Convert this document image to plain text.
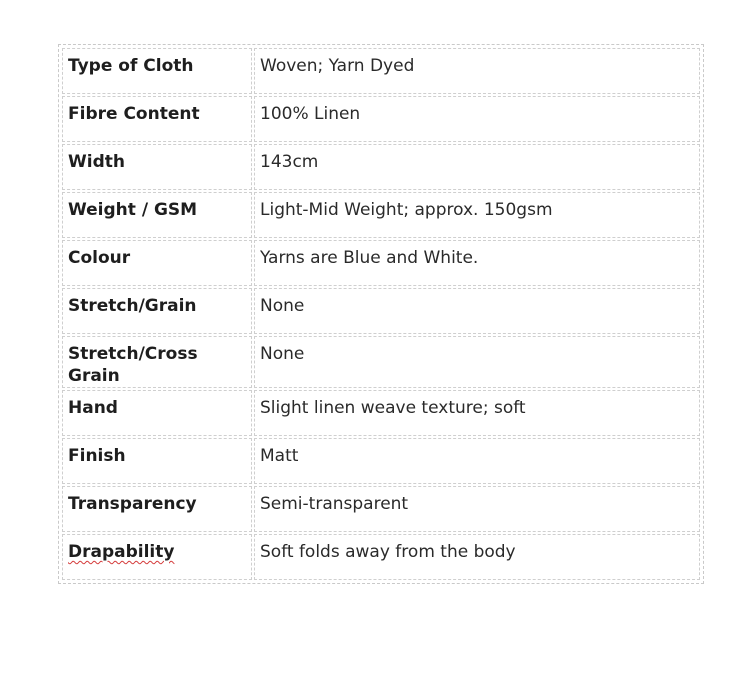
Type of Cloth	Woven; Yarn Dyed
Fibre Content	100% Linen
Width	143cm
Weight / GSM	Light-Mid Weight; approx. 150gsm
Colour	Yarns are Blue and White.
Stretch/Grain	None
Stretch/Cross Grain	None
Hand	Slight linen weave texture; soft
Finish	Matt
Transparency	Semi-transparent
Drapability	Soft folds away from the body
